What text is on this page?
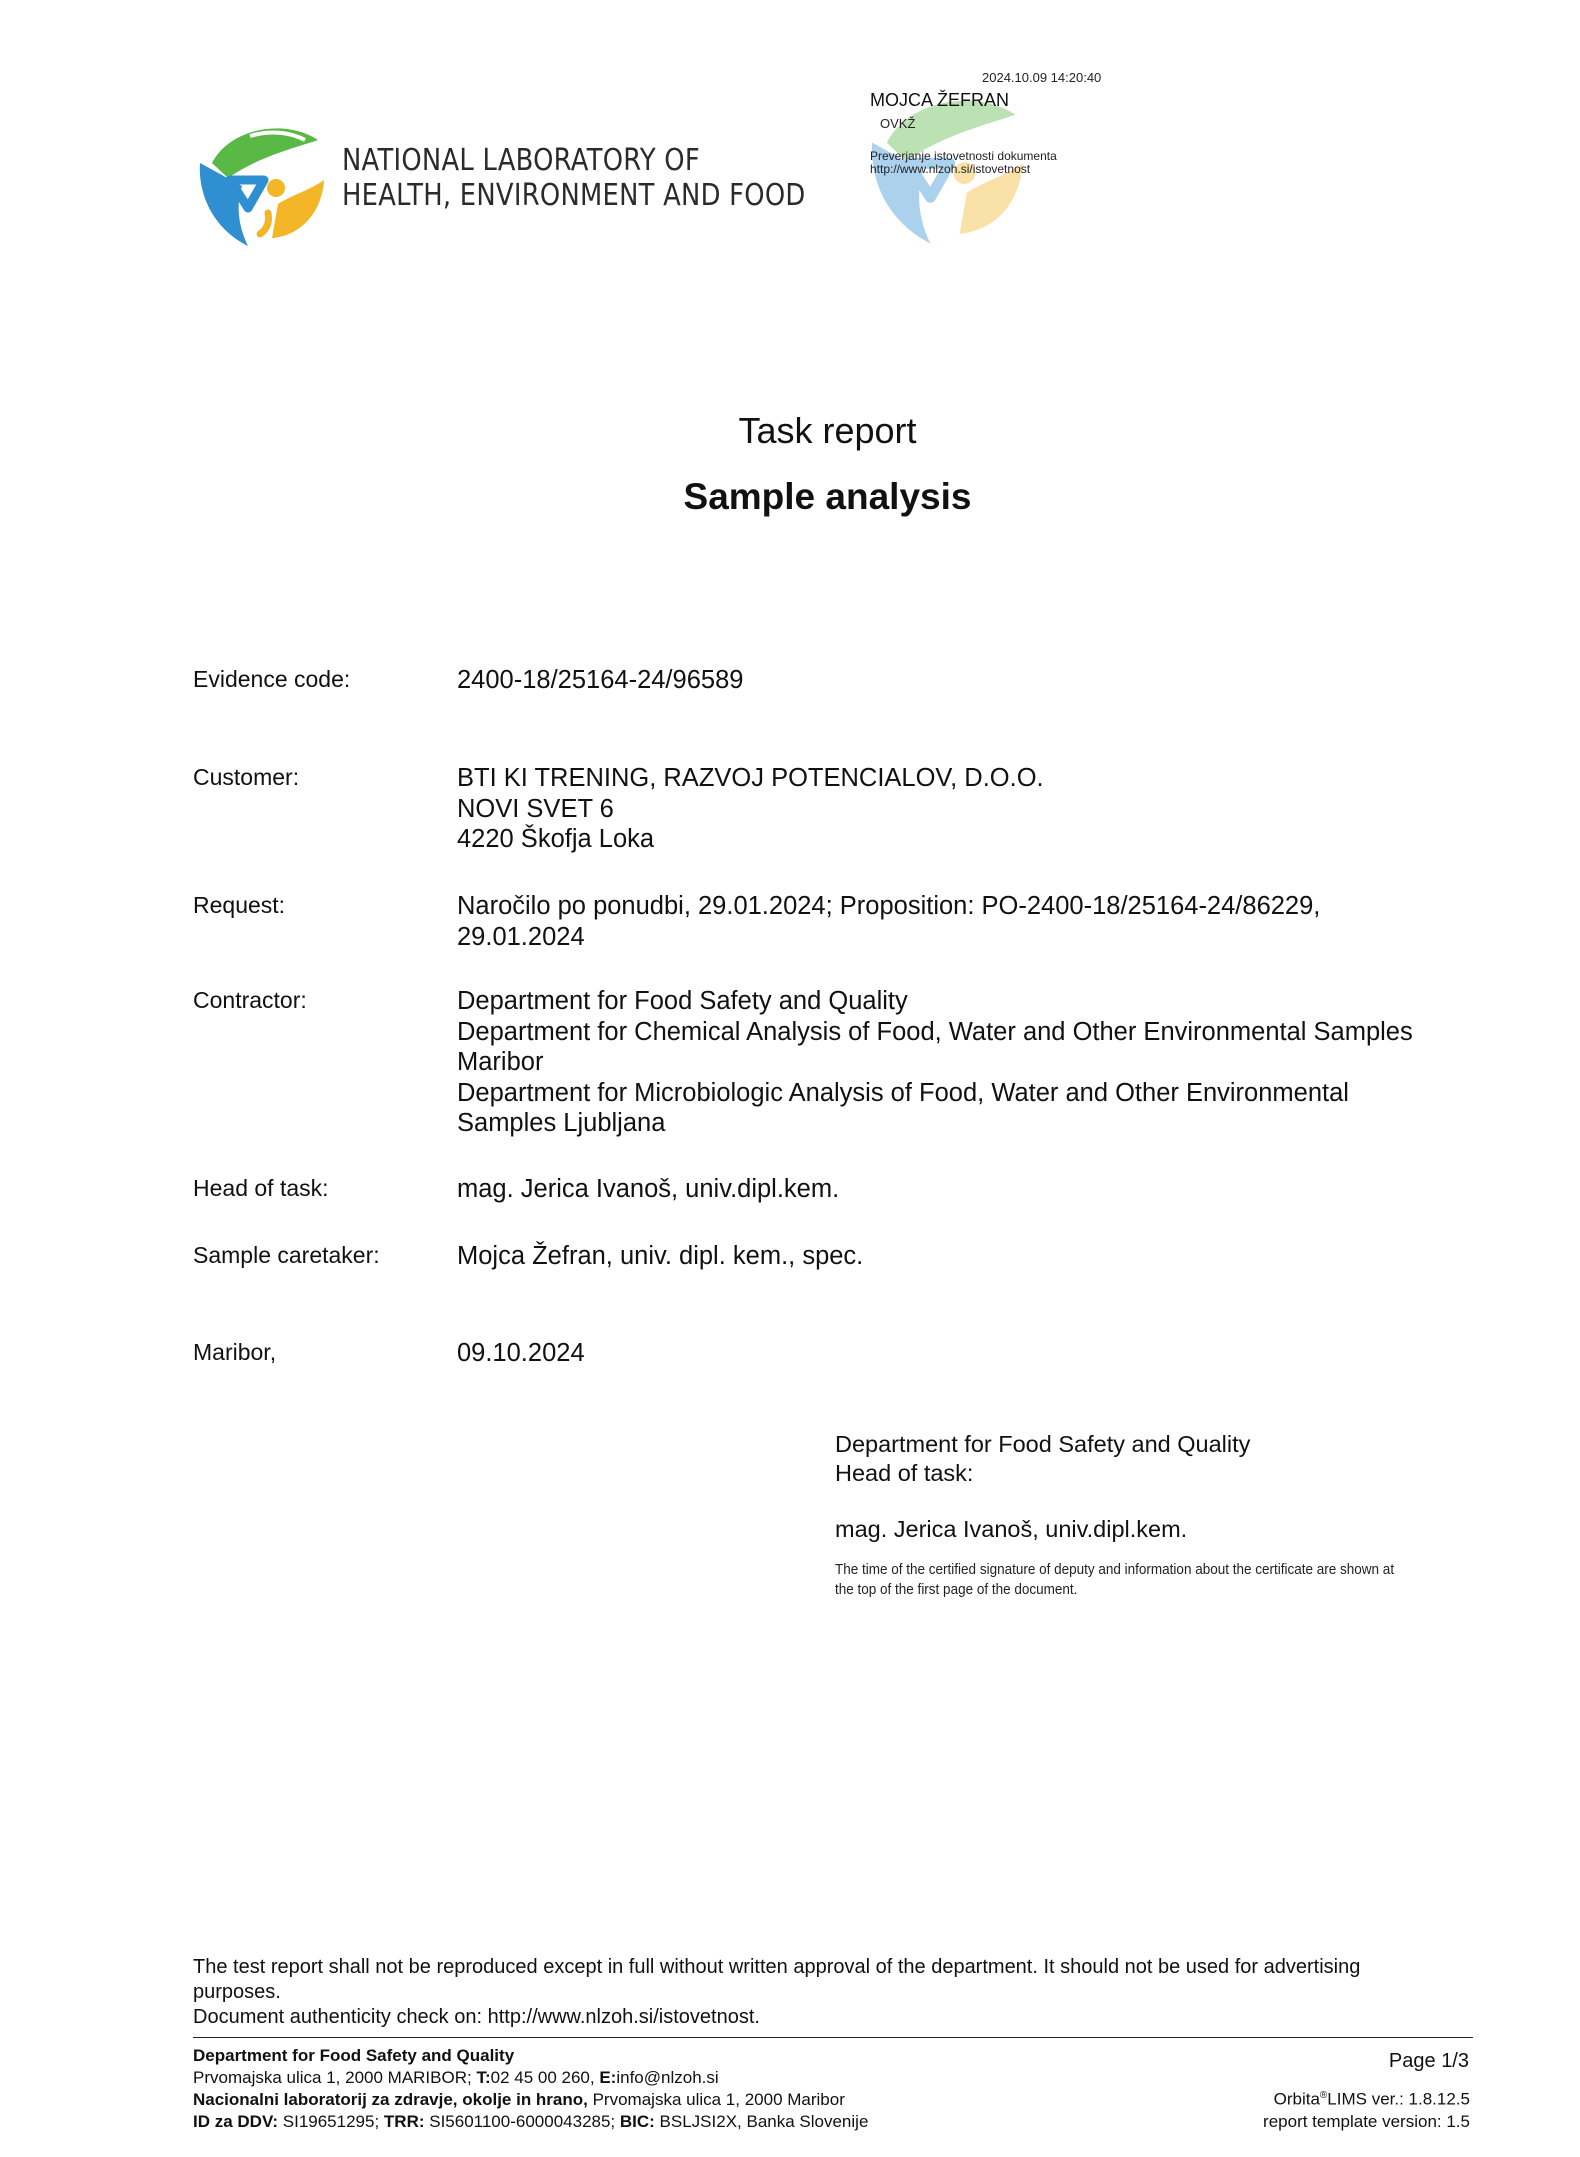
NATIONAL LABORATORY OF
HEALTH, ENVIRONMENT AND FOOD
2024.10.09 14:20:40
MOJCA ŽEFRAN
OVKŽ
Preverjanje istovetnosti dokumenta
http://www.nlzoh.si/istovetnost
Task report
Sample analysis
Evidence code:	2400-18/25164-24/96589
Customer:	BTI KI TRENING, RAZVOJ POTENCIALOV, D.O.O.
NOVI SVET 6
4220 Škofja Loka
Request:	Naročilo po ponudbi, 29.01.2024; Proposition: PO-2400-18/25164-24/86229,
29.01.2024
Contractor:	Department for Food Safety and Quality
Department for Chemical Analysis of Food, Water and Other Environmental Samples
Maribor
Department for Microbiologic Analysis of Food, Water and Other Environmental
Samples Ljubljana
Head of task:	mag. Jerica Ivanoš, univ.dipl.kem.
Sample caretaker:	Mojca Žefran, univ. dipl. kem., spec.
Maribor,	09.10.2024
Department for Food Safety and Quality
Head of task:
mag. Jerica Ivanoš, univ.dipl.kem.
The time of the certified signature of deputy and information about the certificate are shown at
the top of the first page of the document.
The test report shall not be reproduced except in full without written approval of the department. It should not be used for advertising
purposes.
Document authenticity check on: http://www.nlzoh.si/istovetnost.
Department for Food Safety and Quality
Prvomajska ulica 1, 2000 MARIBOR; T:02 45 00 260, E:info@nlzoh.si
Nacionalni laboratorij za zdravje, okolje in hrano, Prvomajska ulica 1, 2000 Maribor
ID za DDV: SI19651295; TRR: SI5601100-6000043285; BIC: BSLJSI2X, Banka Slovenije
Page 1/3
Orbita®LIMS ver.: 1.8.12.5
report template version: 1.5
